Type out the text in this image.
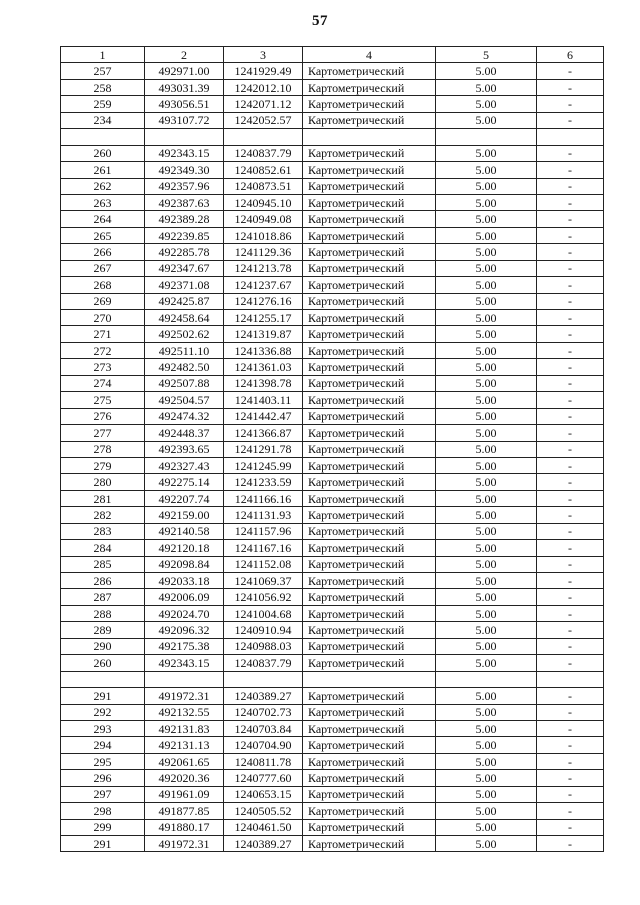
57
1	2	3	4	5	6
257	492971.00	1241929.49	Картометрический	5.00	-
258	493031.39	1242012.10	Картометрический	5.00	-
259	493056.51	1242071.12	Картометрический	5.00	-
234	493107.72	1242052.57	Картометрический	5.00	-

260	492343.15	1240837.79	Картометрический	5.00	-
261	492349.30	1240852.61	Картометрический	5.00	-
262	492357.96	1240873.51	Картометрический	5.00	-
263	492387.63	1240945.10	Картометрический	5.00	-
264	492389.28	1240949.08	Картометрический	5.00	-
265	492239.85	1241018.86	Картометрический	5.00	-
266	492285.78	1241129.36	Картометрический	5.00	-
267	492347.67	1241213.78	Картометрический	5.00	-
268	492371.08	1241237.67	Картометрический	5.00	-
269	492425.87	1241276.16	Картометрический	5.00	-
270	492458.64	1241255.17	Картометрический	5.00	-
271	492502.62	1241319.87	Картометрический	5.00	-
272	492511.10	1241336.88	Картометрический	5.00	-
273	492482.50	1241361.03	Картометрический	5.00	-
274	492507.88	1241398.78	Картометрический	5.00	-
275	492504.57	1241403.11	Картометрический	5.00	-
276	492474.32	1241442.47	Картометрический	5.00	-
277	492448.37	1241366.87	Картометрический	5.00	-
278	492393.65	1241291.78	Картометрический	5.00	-
279	492327.43	1241245.99	Картометрический	5.00	-
280	492275.14	1241233.59	Картометрический	5.00	-
281	492207.74	1241166.16	Картометрический	5.00	-
282	492159.00	1241131.93	Картометрический	5.00	-
283	492140.58	1241157.96	Картометрический	5.00	-
284	492120.18	1241167.16	Картометрический	5.00	-
285	492098.84	1241152.08	Картометрический	5.00	-
286	492033.18	1241069.37	Картометрический	5.00	-
287	492006.09	1241056.92	Картометрический	5.00	-
288	492024.70	1241004.68	Картометрический	5.00	-
289	492096.32	1240910.94	Картометрический	5.00	-
290	492175.38	1240988.03	Картометрический	5.00	-
260	492343.15	1240837.79	Картометрический	5.00	-

291	491972.31	1240389.27	Картометрический	5.00	-
292	492132.55	1240702.73	Картометрический	5.00	-
293	492131.83	1240703.84	Картометрический	5.00	-
294	492131.13	1240704.90	Картометрический	5.00	-
295	492061.65	1240811.78	Картометрический	5.00	-
296	492020.36	1240777.60	Картометрический	5.00	-
297	491961.09	1240653.15	Картометрический	5.00	-
298	491877.85	1240505.52	Картометрический	5.00	-
299	491880.17	1240461.50	Картометрический	5.00	-
291	491972.31	1240389.27	Картометрический	5.00	-
